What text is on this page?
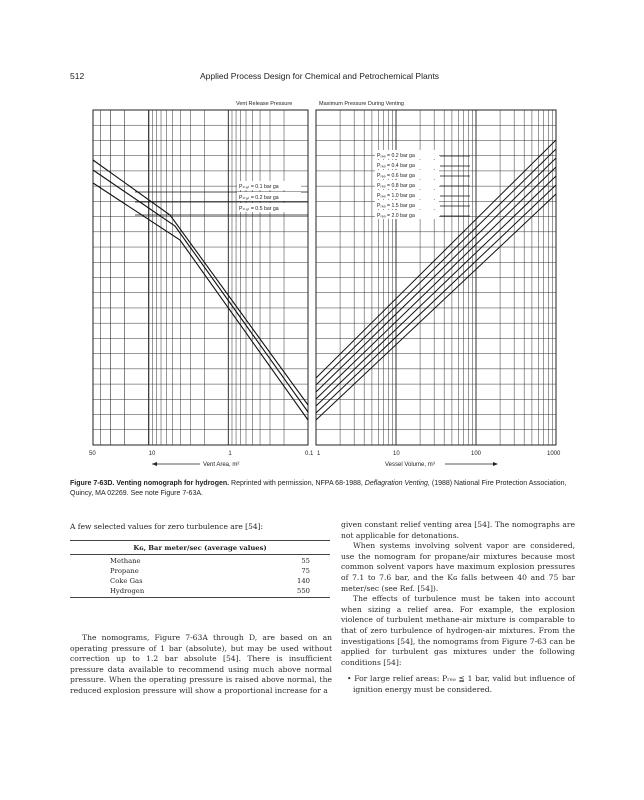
512	Applied Process Design for Chemical and Petrochemical Plants
Vent Release Pressure	Maximum Pressure During Venting
50	10	1	0.1 1	10	100	1000
Pₛₜₐₜ = 0.1 bar ga
Pₛₜₐₜ = 0.2 bar ga
Pₛₜₐₜ = 0.5 bar ga
Pᵣₑₔ = 0.2 bar ga
Pᵣₑₔ = 0.4 bar ga
Pᵣₑₔ = 0.6 bar ga
Pᵣₑₔ = 0.8 bar ga
Pᵣₑₔ = 1.0 bar ga
Pᵣₑₔ = 1.5 bar ga
Pᵣₑₔ = 2.0 bar ga
Vent Area, m²	Vessel Volume, m³
Figure 7-63D. Venting nomograph for hydrogen. Reprinted with permission, NFPA 68-1988, Deflagration Venting, (1988) National Fire Protection Association, Quincy, MA 02269. See note Figure 7-63A.
A few selected values for zero turbulence are [54]:
Kɢ, Bar meter/sec (average values)
Methane	55
Propane	75
Coke Gas	140
Hydrogen	550

The nomograms, Figure 7-63A through D, are based on an operating pressure of 1 bar (absolute), but may be used without correction up to 1.2 bar absolute [54]. There is insufficient pressure data available to recommend using much above normal pressure. When the operating pressure is raised above normal, the reduced explosion pressure will show a proportional increase for a

given constant relief venting area [54]. The nomographs are not applicable for detonations.

When systems involving solvent vapor are considered, use the nomogram for propane/air mixtures because most common solvent vapors have maximum explosion pressures of 7.1 to 7.6 bar, and the Kɢ falls between 40 and 75 bar meter/sec (see Ref. [54]).

The effects of turbulence must be taken into account when sizing a relief area. For example, the explosion violence of turbulent methane-air mixture is comparable to that of zero turbulence of hydrogen-air mixtures. From the investigations [54], the nomograms from Figure 7-63 can be applied for turbulent gas mixtures under the following conditions [54]:

• For large relief areas: Pᵣₑₔ ≦ 1 bar, valid but influence of ignition energy must be considered.
